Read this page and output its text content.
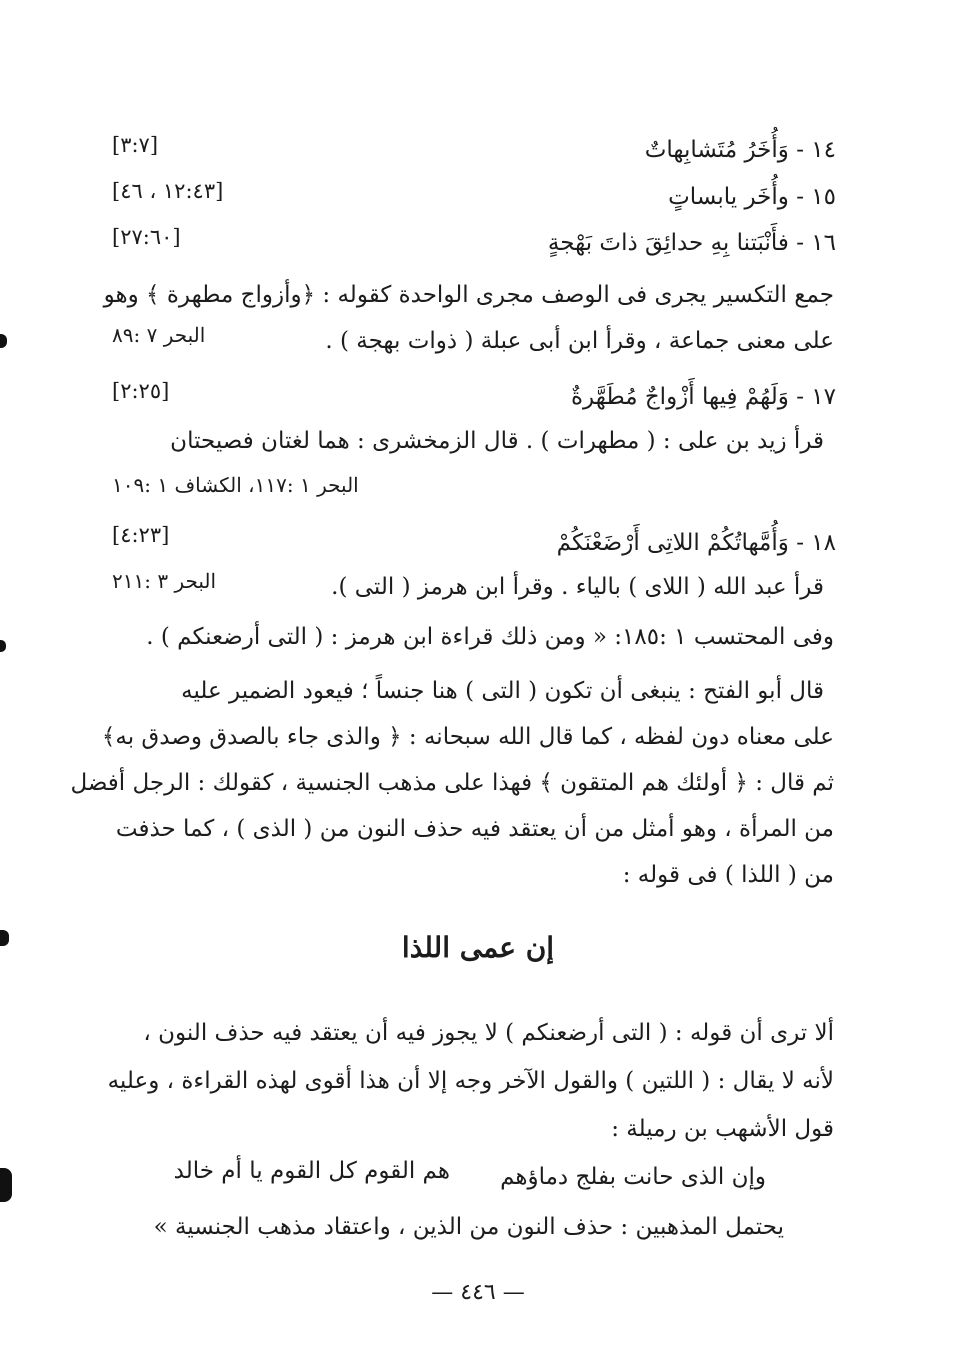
١٤ - وَأُخَرُ مُتَشابِهاتٌ
[٣:٧]
١٥ - وأُخَر يابساتٍ
[١٢:٤٣ ، ٤٦]
١٦ - فأَنْبَتنا بِهِ حدائِقَ ذاتَ بَهْجةٍ
[٢٧:٦٠]
جمع التكسير يجرى فى الوصف مجرى الواحدة كقوله : ﴿وأزواج مطهرة ﴾ وهو
على معنى جماعة ، وقرأ ابن أبى عبلة ( ذوات بهجة ) .
البحر ٧ :٨٩
١٧ - وَلَهُمْ فِيها أَزْواجٌ مُطَهَّرةٌ
[٢:٢٥]
قرأ زيد بن على : ( مطهرات ) . قال الزمخشرى : هما لغتان فصيحتان
البحر ١ :١١٧، الكشاف ١ :١٠٩
١٨ - وَأُمَّهاتُكُمْ اللاتِى أَرْضَعْنَكُمْ
[٤:٢٣]
قرأ عبد الله ( اللاى ) بالياء . وقرأ ابن هرمز ( التى ).
البحر ٣ :٢١١
وفى المحتسب ١ :١٨٥: « ومن ذلك قراءة ابن هرمز : ( التى أرضعنكم ) .
قال أبو الفتح : ينبغى أن تكون ( التى ) هنا جنساً ؛ فيعود الضمير عليه
على معناه دون لفظه ، كما قال الله سبحانه : ﴿ والذى جاء بالصدق وصدق به﴾
ثم قال : ﴿ أولئك هم المتقون ﴾ فهذا على مذهب الجنسية ، كقولك : الرجل أفضل
من المرأة ، وهو أمثل من أن يعتقد فيه حذف النون من ( الذى ) ، كما حذفت
من ( اللذا ) فى قوله :
إن عمى اللذا
ألا ترى أن قوله : ( التى أرضعنكم ) لا يجوز فيه أن يعتقد فيه حذف النون ،
لأنه لا يقال : ( اللتين ) والقول الآخر وجه إلا أن هذا أقوى لهذه القراءة ، وعليه
قول الأشهب بن رميلة :
وإن الذى حانت بفلج دماؤهم
هم القوم كل القوم يا أم خالد
يحتمل المذهبين : حذف النون من الذين ، واعتقاد مذهب الجنسية »
— ٤٤٦ —
